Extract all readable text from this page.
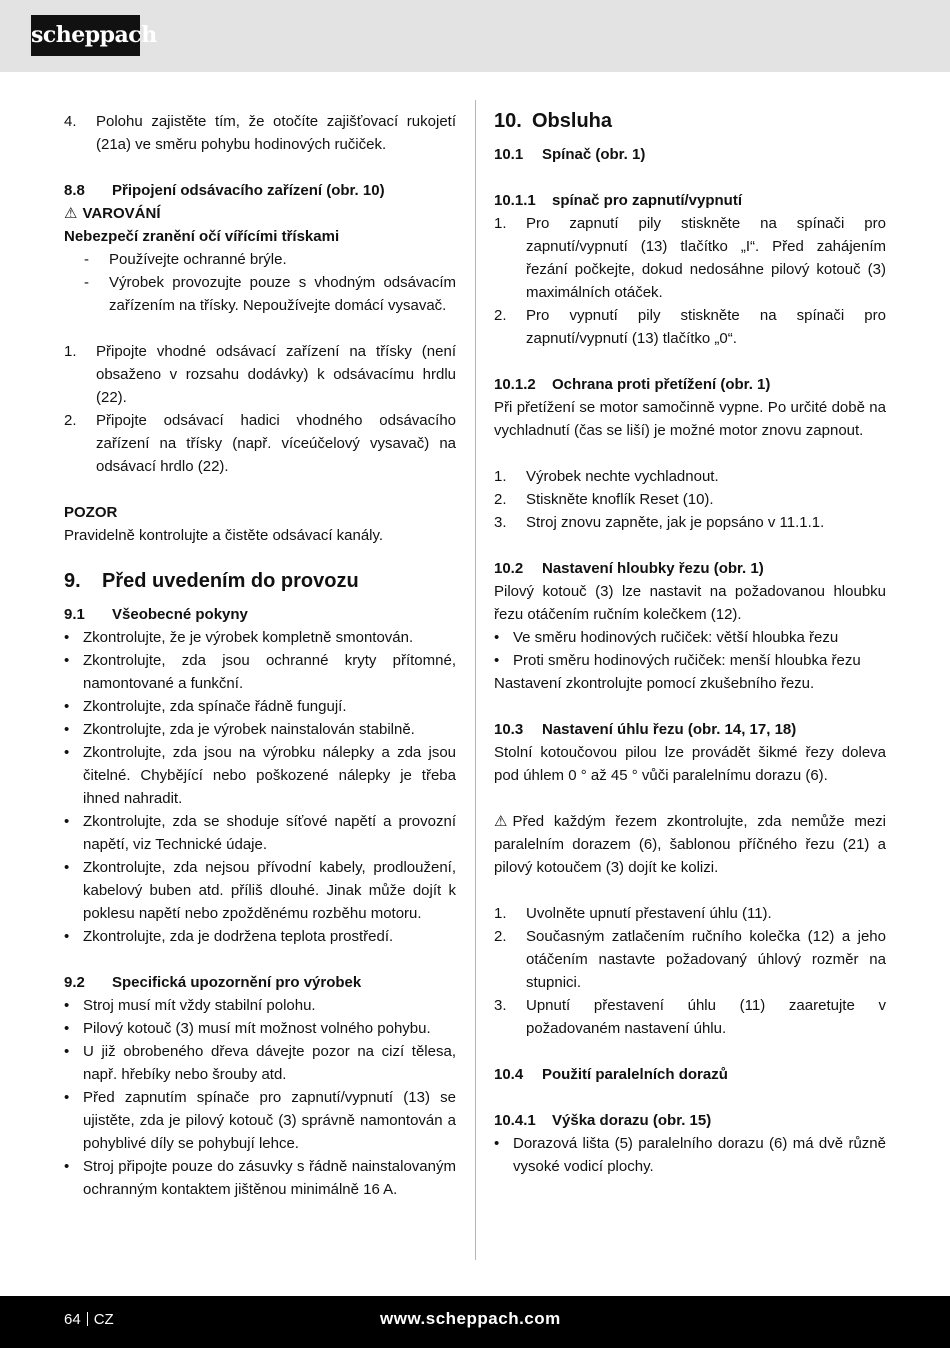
scheppach
4.	Polohu zajistěte tím, že otočíte zajišťovací rukojetí (21a) ve směru pohybu hodinových ručiček.
8.8 Připojení odsávacího zařízení (obr. 10)
⚠ VAROVÁNÍ
Nebezpečí zranění očí vířícími třískami
-	Používejte ochranné brýle.
-	Výrobek provozujte pouze s vhodným odsávacím zařízením na třísky. Nepoužívejte domácí vysavač.
1.	Připojte vhodné odsávací zařízení na třísky (není obsaženo v rozsahu dodávky) k odsávacímu hrdlu (22).
2.	Připojte odsávací hadici vhodného odsávacího zařízení na třísky (např. víceúčelový vysavač) na odsávací hrdlo (22).
POZOR
Pravidelně kontrolujte a čistěte odsávací kanály.
9. Před uvedením do provozu
9.1 Všeobecné pokyny
• Zkontrolujte, že je výrobek kompletně smontován.
• Zkontrolujte, zda jsou ochranné kryty přítomné, namontované a funkční.
• Zkontrolujte, zda spínače řádně fungují.
• Zkontrolujte, zda je výrobek nainstalován stabilně.
• Zkontrolujte, zda jsou na výrobku nálepky a zda jsou čitelné. Chybějící nebo poškozené nálepky je třeba ihned nahradit.
• Zkontrolujte, zda se shoduje síťové napětí a provozní napětí, viz Technické údaje.
• Zkontrolujte, zda nejsou přívodní kabely, prodloužení, kabelový buben atd. příliš dlouhé. Jinak může dojít k poklesu napětí nebo zpožděnému rozběhu motoru.
• Zkontrolujte, zda je dodržena teplota prostředí.
9.2 Specifická upozornění pro výrobek
• Stroj musí mít vždy stabilní polohu.
• Pilový kotouč (3) musí mít možnost volného pohybu.
• U již obrobeného dřeva dávejte pozor na cizí tělesa, např. hřebíky nebo šrouby atd.
• Před zapnutím spínače pro zapnutí/vypnutí (13) se ujistěte, zda je pilový kotouč (3) správně namontován a pohyblivé díly se pohybují lehce.
• Stroj připojte pouze do zásuvky s řádně nainstalovaným ochranným kontaktem jištěnou minimálně 16 A.
10. Obsluha
10.1 Spínač (obr. 1)
10.1.1 spínač pro zapnutí/vypnutí
1.	Pro zapnutí pily stiskněte na spínači pro zapnutí/vypnutí (13) tlačítko „I“. Před zahájením řezání počkejte, dokud nedosáhne pilový kotouč (3) maximálních otáček.
2.	Pro vypnutí pily stiskněte na spínači pro zapnutí/vypnutí (13) tlačítko „0“.
10.1.2 Ochrana proti přetížení (obr. 1)
Při přetížení se motor samočinně vypne. Po určité době na vychladnutí (čas se liší) je možné motor znovu zapnout.
1.	Výrobek nechte vychladnout.
2.	Stiskněte knoflík Reset (10).
3.	Stroj znovu zapněte, jak je popsáno v 11.1.1.
10.2 Nastavení hloubky řezu (obr. 1)
Pilový kotouč (3) lze nastavit na požadovanou hloubku řezu otáčením ručním kolečkem (12).
• Ve směru hodinových ručiček: větší hloubka řezu
• Proti směru hodinových ručiček: menší hloubka řezu
Nastavení zkontrolujte pomocí zkušebního řezu.
10.3 Nastavení úhlu řezu (obr. 14, 17, 18)
Stolní kotoučovou pilou lze provádět šikmé řezy doleva pod úhlem 0 ° až 45 ° vůči paralelnímu dorazu (6).
⚠ Před každým řezem zkontrolujte, zda nemůže mezi paralelním dorazem (6), šablonou příčného řezu (21) a pilový kotoučem (3) dojít ke kolizi.
1.	Uvolněte upnutí přestavení úhlu (11).
2.	Současným zatlačením ručního kolečka (12) a jeho otáčením nastavte požadovaný úhlový rozměr na stupnici.
3.	Upnutí přestavení úhlu (11) zaaretujte v požadovaném nastavení úhlu.
10.4 Použití paralelních dorazů
10.4.1 Výška dorazu (obr. 15)
• Dorazová lišta (5) paralelního dorazu (6) má dvě různě vysoké vodicí plochy.
64 CZ	www.scheppach.com
